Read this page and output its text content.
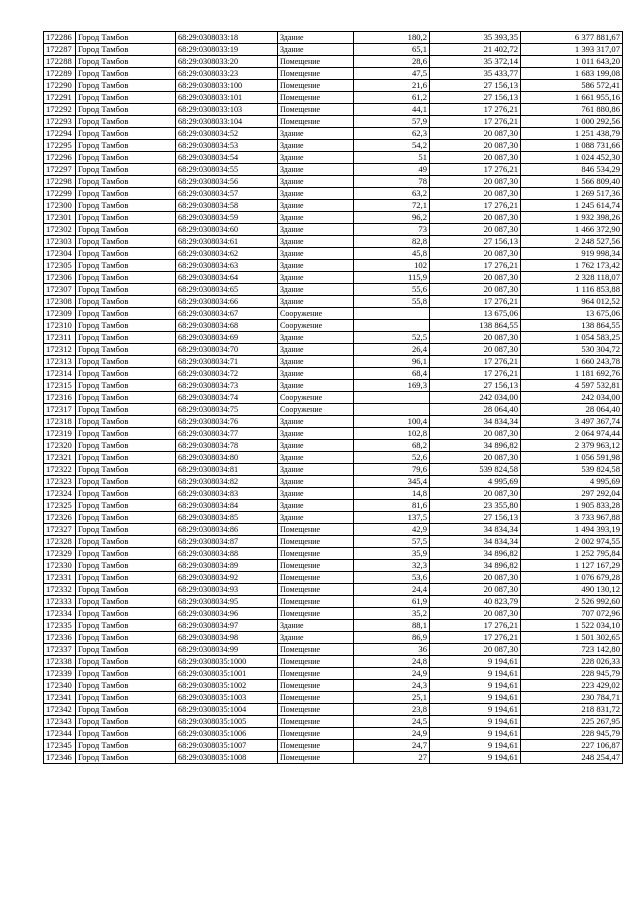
172286	Город Тамбов	68:29:0308033:18	Здание	180,2	35 393,35	6 377 881,67
172287	Город Тамбов	68:29:0308033:19	Здание	65,1	21 402,72	1 393 317,07
172288	Город Тамбов	68:29:0308033:20	Помещение	28,6	35 372,14	1 011 643,20
172289	Город Тамбов	68:29:0308033:23	Помещение	47,5	35 433,77	1 683 199,08
172290	Город Тамбов	68:29:0308033:100	Помещение	21,6	27 156,13	586 572,41
172291	Город Тамбов	68:29:0308033:101	Помещение	61,2	27 156,13	1 661 955,16
172292	Город Тамбов	68:29:0308033:103	Помещение	44,1	17 276,21	761 880,86
172293	Город Тамбов	68:29:0308033:104	Помещение	57,9	17 276,21	1 000 292,56
172294	Город Тамбов	68:29:0308034:52	Здание	62,3	20 087,30	1 251 438,79
172295	Город Тамбов	68:29:0308034:53	Здание	54,2	20 087,30	1 088 731,66
172296	Город Тамбов	68:29:0308034:54	Здание	51	20 087,30	1 024 452,30
172297	Город Тамбов	68:29:0308034:55	Здание	49	17 276,21	846 534,29
172298	Город Тамбов	68:29:0308034:56	Здание	78	20 087,30	1 566 809,40
172299	Город Тамбов	68:29:0308034:57	Здание	63,2	20 087,30	1 269 517,36
172300	Город Тамбов	68:29:0308034:58	Здание	72,1	17 276,21	1 245 614,74
172301	Город Тамбов	68:29:0308034:59	Здание	96,2	20 087,30	1 932 398,26
172302	Город Тамбов	68:29:0308034:60	Здание	73	20 087,30	1 466 372,90
172303	Город Тамбов	68:29:0308034:61	Здание	82,8	27 156,13	2 248 527,56
172304	Город Тамбов	68:29:0308034:62	Здание	45,8	20 087,30	919 998,34
172305	Город Тамбов	68:29:0308034:63	Здание	102	17 276,21	1 762 173,42
172306	Город Тамбов	68:29:0308034:64	Здание	115,9	20 087,30	2 328 118,07
172307	Город Тамбов	68:29:0308034:65	Здание	55,6	20 087,30	1 116 853,88
172308	Город Тамбов	68:29:0308034:66	Здание	55,8	17 276,21	964 012,52
172309	Город Тамбов	68:29:0308034:67	Сооружение		13 675,06	13 675,06
172310	Город Тамбов	68:29:0308034:68	Сооружение		138 864,55	138 864,55
172311	Город Тамбов	68:29:0308034:69	Здание	52,5	20 087,30	1 054 583,25
172312	Город Тамбов	68:29:0308034:70	Здание	26,4	20 087,30	530 304,72
172313	Город Тамбов	68:29:0308034:71	Здание	96,1	17 276,21	1 660 243,78
172314	Город Тамбов	68:29:0308034:72	Здание	68,4	17 276,21	1 181 692,76
172315	Город Тамбов	68:29:0308034:73	Здание	169,3	27 156,13	4 597 532,81
172316	Город Тамбов	68:29:0308034:74	Сооружение		242 034,00	242 034,00
172317	Город Тамбов	68:29:0308034:75	Сооружение		28 064,40	28 064,40
172318	Город Тамбов	68:29:0308034:76	Здание	100,4	34 834,34	3 497 367,74
172319	Город Тамбов	68:29:0308034:77	Здание	102,8	20 087,30	2 064 974,44
172320	Город Тамбов	68:29:0308034:78	Здание	68,2	34 896,82	2 379 963,12
172321	Город Тамбов	68:29:0308034:80	Здание	52,6	20 087,30	1 056 591,98
172322	Город Тамбов	68:29:0308034:81	Здание	79,6	539 824,58	539 824,58
172323	Город Тамбов	68:29:0308034:82	Здание	345,4	4 995,69	4 995,69
172324	Город Тамбов	68:29:0308034:83	Здание	14,8	20 087,30	297 292,04
172325	Город Тамбов	68:29:0308034:84	Здание	81,6	23 355,80	1 905 833,28
172326	Город Тамбов	68:29:0308034:85	Здание	137,5	27 156,13	3 733 967,88
172327	Город Тамбов	68:29:0308034:86	Помещение	42,9	34 834,34	1 494 393,19
172328	Город Тамбов	68:29:0308034:87	Помещение	57,5	34 834,34	2 002 974,55
172329	Город Тамбов	68:29:0308034:88	Помещение	35,9	34 896,82	1 252 795,84
172330	Город Тамбов	68:29:0308034:89	Помещение	32,3	34 896,82	1 127 167,29
172331	Город Тамбов	68:29:0308034:92	Помещение	53,6	20 087,30	1 076 679,28
172332	Город Тамбов	68:29:0308034:93	Помещение	24,4	20 087,30	490 130,12
172333	Город Тамбов	68:29:0308034:95	Помещение	61,9	40 823,79	2 526 992,60
172334	Город Тамбов	68:29:0308034:96	Помещение	35,2	20 087,30	707 072,96
172335	Город Тамбов	68:29:0308034:97	Здание	88,1	17 276,21	1 522 034,10
172336	Город Тамбов	68:29:0308034:98	Здание	86,9	17 276,21	1 501 302,65
172337	Город Тамбов	68:29:0308034:99	Помещение	36	20 087,30	723 142,80
172338	Город Тамбов	68:29:0308035:1000	Помещение	24,8	9 194,61	228 026,33
172339	Город Тамбов	68:29:0308035:1001	Помещение	24,9	9 194,61	228 945,79
172340	Город Тамбов	68:29:0308035:1002	Помещение	24,3	9 194,61	223 429,02
172341	Город Тамбов	68:29:0308035:1003	Помещение	25,1	9 194,61	230 784,71
172342	Город Тамбов	68:29:0308035:1004	Помещение	23,8	9 194,61	218 831,72
172343	Город Тамбов	68:29:0308035:1005	Помещение	24,5	9 194,61	225 267,95
172344	Город Тамбов	68:29:0308035:1006	Помещение	24,9	9 194,61	228 945,79
172345	Город Тамбов	68:29:0308035:1007	Помещение	24,7	9 194,61	227 106,87
172346	Город Тамбов	68:29:0308035:1008	Помещение	27	9 194,61	248 254,47
